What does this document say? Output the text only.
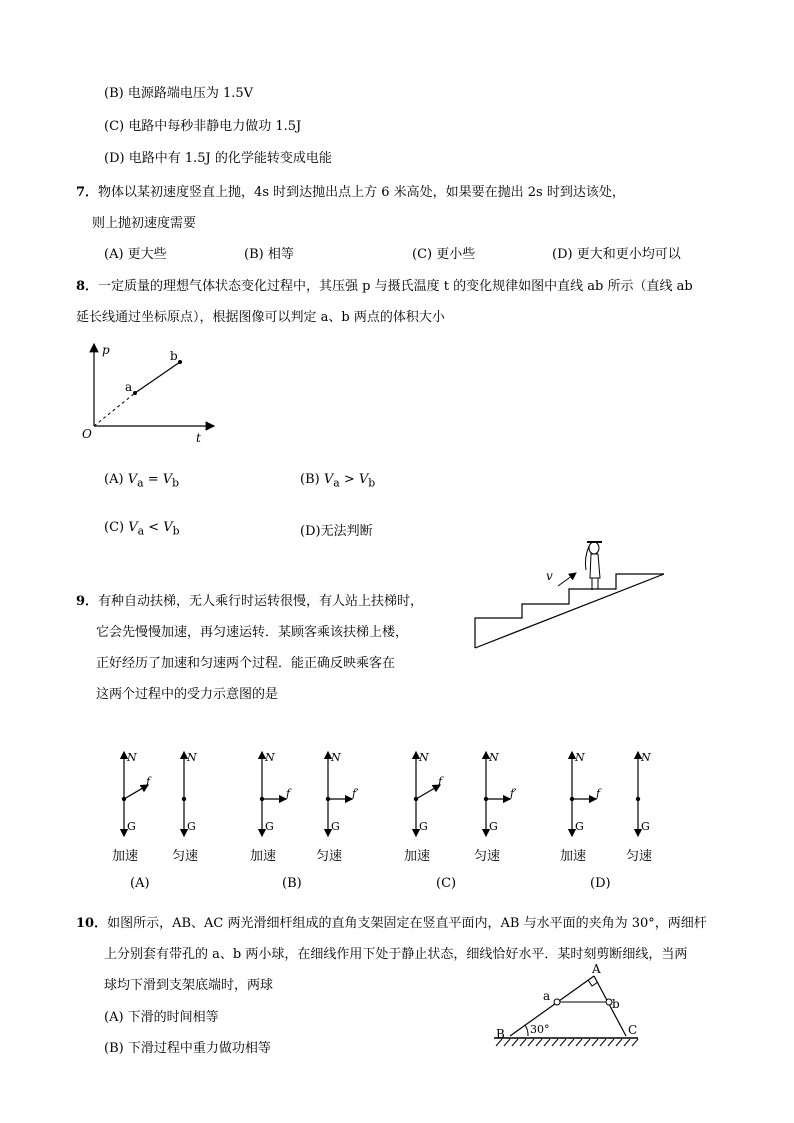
(B) 电源路端电压为 1.5V
(C) 电路中每秒非静电力做功 1.5J
(D) 电路中有 1.5J 的化学能转变成电能
7．物体以某初速度竖直上抛，4s 时到达抛出点上方 6 米高处，如果要在抛出 2s 时到达该处，
则上抛初速度需要
(A) 更大些	(B) 相等	(C) 更小些	(D) 更大和更小均可以
8．一定质量的理想气体状态变化过程中，其压强 p 与摄氏温度 t 的变化规律如图中直线 ab 所示（直线 ab
延长线通过坐标原点），根据图像可以判定 a、b 两点的体积大小
p
t
O
a
b
(A) $V_a = V_b$	(B) $V_a > V_b$
(C) $V_a < V_b$	(D)无法判断
9．有种自动扶梯，无人乘行时运转很慢，有人站上扶梯时，
它会先慢慢加速，再匀速运转．某顾客乘该扶梯上楼，
正好经历了加速和匀速两个过程．能正确反映乘客在
这两个过程中的受力示意图的是
v
N
G
f
加速
N
G
匀速
(A)
N
G
f
加速
N
G
f′
匀速
(B)
N
G
f
加速
N
G
f′
匀速
(C)
N
G
f
加速
N
G
匀速
(D)
10．如图所示，AB、AC 两光滑细杆组成的直角支架固定在竖直平面内，AB 与水平面的夹角为 30°，两细杆
上分别套有带孔的 a、b 两小球，在细线作用下处于静止状态，细线恰好水平．某时刻剪断细线，当两
球均下滑到支架底端时，两球
(A) 下滑的时间相等
(B) 下滑过程中重力做功相等
A
B	C
a
b
30°
